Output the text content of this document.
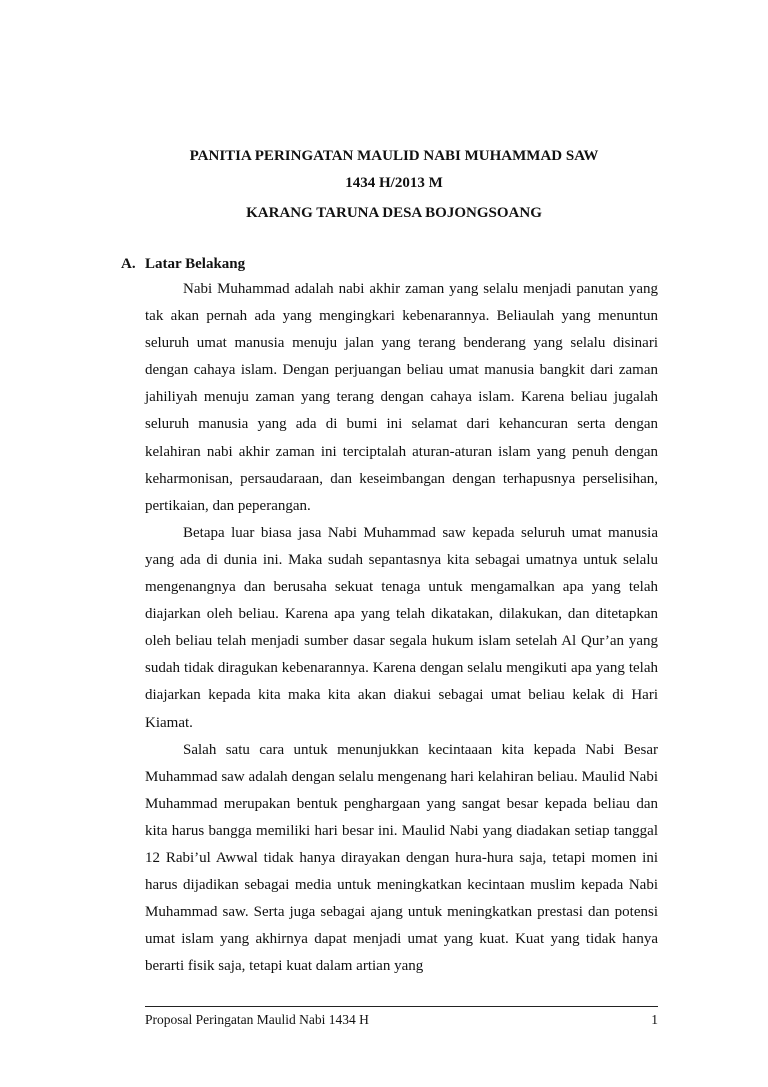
PANITIA PERINGATAN MAULID NABI MUHAMMAD SAW
1434 H/2013 M
KARANG TARUNA DESA BOJONGSOANG
A. Latar Belakang

Nabi Muhammad adalah nabi akhir zaman yang selalu menjadi panutan yang tak akan pernah ada yang mengingkari kebenarannya. Beliaulah yang menuntun seluruh umat manusia menuju jalan yang terang benderang yang selalu disinari dengan cahaya islam. Dengan perjuangan beliau umat manusia bangkit dari zaman jahiliyah menuju zaman yang terang dengan cahaya islam. Karena beliau jugalah seluruh manusia yang ada di bumi ini selamat dari kehancuran serta dengan kelahiran nabi akhir zaman ini terciptalah aturan-aturan islam yang penuh dengan keharmonisan, persaudaraan, dan keseimbangan dengan terhapusnya perselisihan, pertikaian, dan peperangan.

Betapa luar biasa jasa Nabi Muhammad saw kepada seluruh umat manusia yang ada di dunia ini. Maka sudah sepantasnya kita sebagai umatnya untuk selalu mengenangnya dan berusaha sekuat tenaga untuk mengamalkan apa yang telah diajarkan oleh beliau. Karena apa yang telah dikatakan, dilakukan, dan ditetapkan oleh beliau telah menjadi sumber dasar segala hukum islam setelah Al Qur’an yang sudah tidak diragukan kebenarannya. Karena dengan selalu mengikuti apa yang telah diajarkan kepada kita maka kita akan diakui sebagai umat beliau kelak di Hari Kiamat.

Salah satu cara untuk menunjukkan kecintaaan kita kepada Nabi Besar Muhammad saw adalah dengan selalu mengenang hari kelahiran beliau. Maulid Nabi Muhammad merupakan bentuk penghargaan yang sangat besar kepada beliau dan kita harus bangga memiliki hari besar ini. Maulid Nabi yang diadakan setiap tanggal 12 Rabi’ul Awwal tidak hanya dirayakan dengan hura-hura saja, tetapi momen ini harus dijadikan sebagai media untuk meningkatkan kecintaan muslim kepada Nabi Muhammad saw. Serta juga sebagai ajang untuk meningkatkan prestasi dan potensi umat islam yang akhirnya dapat menjadi umat yang kuat. Kuat yang tidak hanya berarti fisik saja, tetapi kuat dalam artian yang

Proposal Peringatan Maulid Nabi 1434 H	1
